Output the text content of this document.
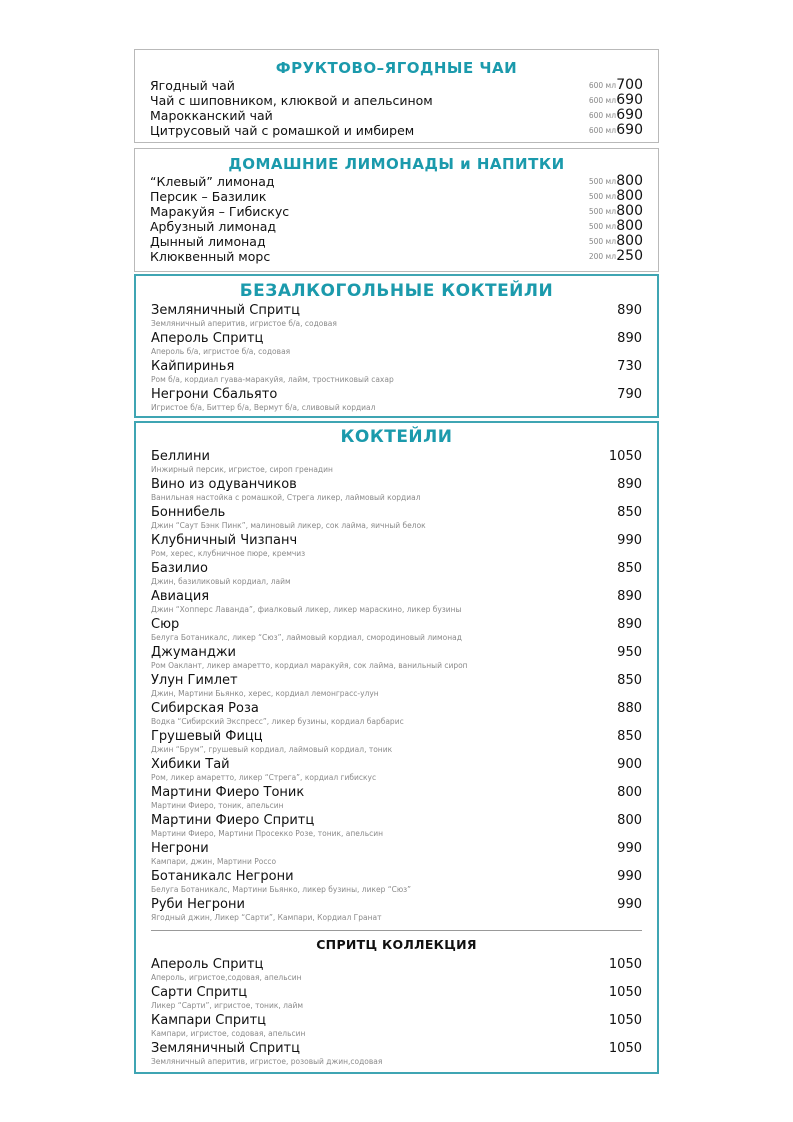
ФРУКТОВО–ЯГОДНЫЕ ЧАИ
Ягодный чай	600 мл 700
Чай с шиповником, клюквой и апельсином	600 мл 690
Марокканский чай	600 мл 690
Цитрусовый чай с ромашкой и имбирем	600 мл 690
ДОМАШНИЕ ЛИМОНАДЫ и НАПИТКИ
“Клевый” лимонад	500 мл 800
Персик – Базилик	500 мл 800
Маракуйя – Гибискус	500 мл 800
Арбузный лимонад	500 мл 800
Дынный лимонад	500 мл 800
Клюквенный морс	200 мл 250
БЕЗАЛКОГОЛЬНЫЕ КОКТЕЙЛИ
Земляничный Спритц	890
Земляничный аперитив, игристое б/а, содовая
Апероль Спритц	890
Апероль б/а, игристое б/а, содовая
Кайпиринья	730
Ром б/а, кордиал гуава-маракуйя, лайм, тростниковый сахар
Негрони Сбальято	790
Игристое б/а, Биттер б/а, Вермут б/а, сливовый кордиал
КОКТЕЙЛИ
Беллини	1050
Инжирный персик, игристое, сироп гренадин
Вино из одуванчиков	890
Ванильная настойка с ромашкой, Стрега ликер, лаймовый кордиал
Боннибель	850
Джин “Саут Бэнк Пинк”, малиновый ликер, сок лайма, яичный белок
Клубничный Чизпанч	990
Ром, херес, клубничное пюре, кремчиз
Базилио	850
Джин, базиликовый кордиал, лайм
Авиация	890
Джин “Хопперс Лаванда”, фиалковый ликер, ликер мараскино, ликер бузины
Сюр	890
Белуга Ботаникалс, ликер “Сюз”, лаймовый кордиал, смородиновый лимонад
Джуманджи	950
Ром Оаклант, ликер амаретто, кордиал маракуйя, сок лайма, ванильный сироп
Улун Гимлет	850
Джин, Мартини Бьянко, херес, кордиал лемонграсс-улун
Сибирская Роза	880
Водка “Сибирский Экспресс”, ликер бузины, кордиал барбарис
Грушевый Фицц	850
Джин “Брум”, грушевый кордиал, лаймовый кордиал, тоник
Хибики Тай	900
Ром, ликер амаретто, ликер “Стрега”, кордиал гибискус
Мартини Фиеро Тоник	800
Мартини Фиеро, тоник, апельсин
Мартини Фиеро Спритц	800
Мартини Фиеро, Мартини Просекко Розе, тоник, апельсин
Негрони	990
Кампари, джин, Мартини Россо
Ботаникалс Негрони	990
Белуга Ботаникалс, Мартини Бьянко, ликер бузины, ликер “Сюз”
Руби Негрони	990
Ягодный джин, Ликер “Сарти”, Кампари, Кордиал Гранат
СПРИТЦ КОЛЛЕКЦИЯ
Апероль Спритц	1050
Апероль, игристое,содовая, апельсин
Сарти Спритц	1050
Ликер “Сарти”, игристое, тоник, лайм
Кампари Спритц	1050
Кампари, игристое, содовая, апельсин
Земляничный Спритц	1050
Земляничный аперитив, игристое, розовый джин,содовая
